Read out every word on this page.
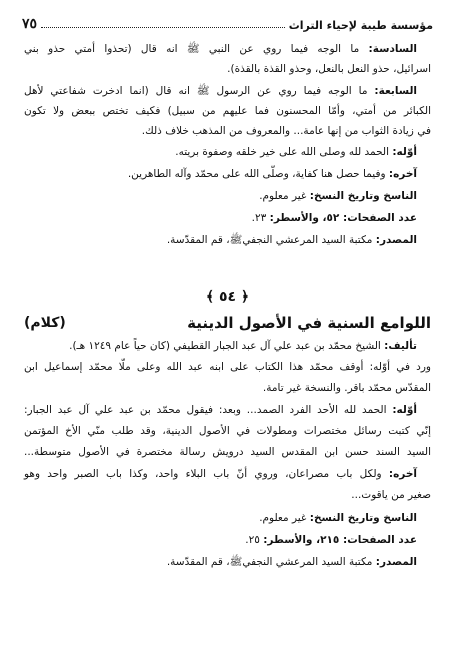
مؤسسة طيبة لإحياء التراث
٧٥
السادسة: ما الوجه فيما روي عن النبي ﷺ انه قال (تحذوا أمتي حذو بني
اسرائيل، حذو النعل بالنعل، وحذو القذة بالقذة).
السابعة: ما الوجه فيما روي عن الرسول ﷺ انه قال (انما ادخرت شفاعتي لأهل
الكبائر من أمتي، وأمّا المحسنون فما عليهم من سبيل) فكيف تختص ببعض ولا تكون
في زيادة الثواب من إنها عامة... والمعروف من المذهب خلاف ذلك.
أوّله: الحمد لله وصلى الله على خير خلقه وصفوة بريته.
آخره: وفيما حصل هنا كفاية، وصلّى الله على محمّد وآله الطاهرين.
الناسخ وتاريخ النسخ: غير معلوم.
عدد الصفحات: ٥٢، والأسطر: ٢٣.
المصدر: مكتبة السيد المرعشي النجفيﷺ، قم المقدّسة.
﴿ ٥٤ ﴾
اللوامع السنية في الأصول الدينية
(كلام)
تأليف: الشيخ محمّد بن عبد علي آل عبد الجبار القطيفي (كان حياً عام ١٢٤٩ هـ).
ورد في أوّله: أوقف محمّد هذا الكتاب على ابنه عبد الله وعلى ملّا محمّد إسماعيل ابن
المقدّس محمّد باقر. والنسخة غير تامة.
أوّله: الحمد لله الأحد الفرد الصمد... وبعد: فيقول محمّد بن عبد علي آل عبد الجبار:
إنّي كتبت رسائل مختصرات ومطولات في الأصول الدينية، وقد طلب منّي الأخ المؤتمن
السيد السند حسن ابن المقدس السيد درويش رسالة مختصرة في الأصول متوسطة...
آخره: ولكل باب مصراعان، وروي أنّ باب البلاء واحد، وكذا باب الصبر واحد وهو
صغير من ياقوت...
الناسخ وتاريخ النسخ: غير معلوم.
عدد الصفحات: ٢١٥، والأسطر: ٢٥.
المصدر: مكتبة السيد المرعشي النجفيﷺ، قم المقدّسة.
